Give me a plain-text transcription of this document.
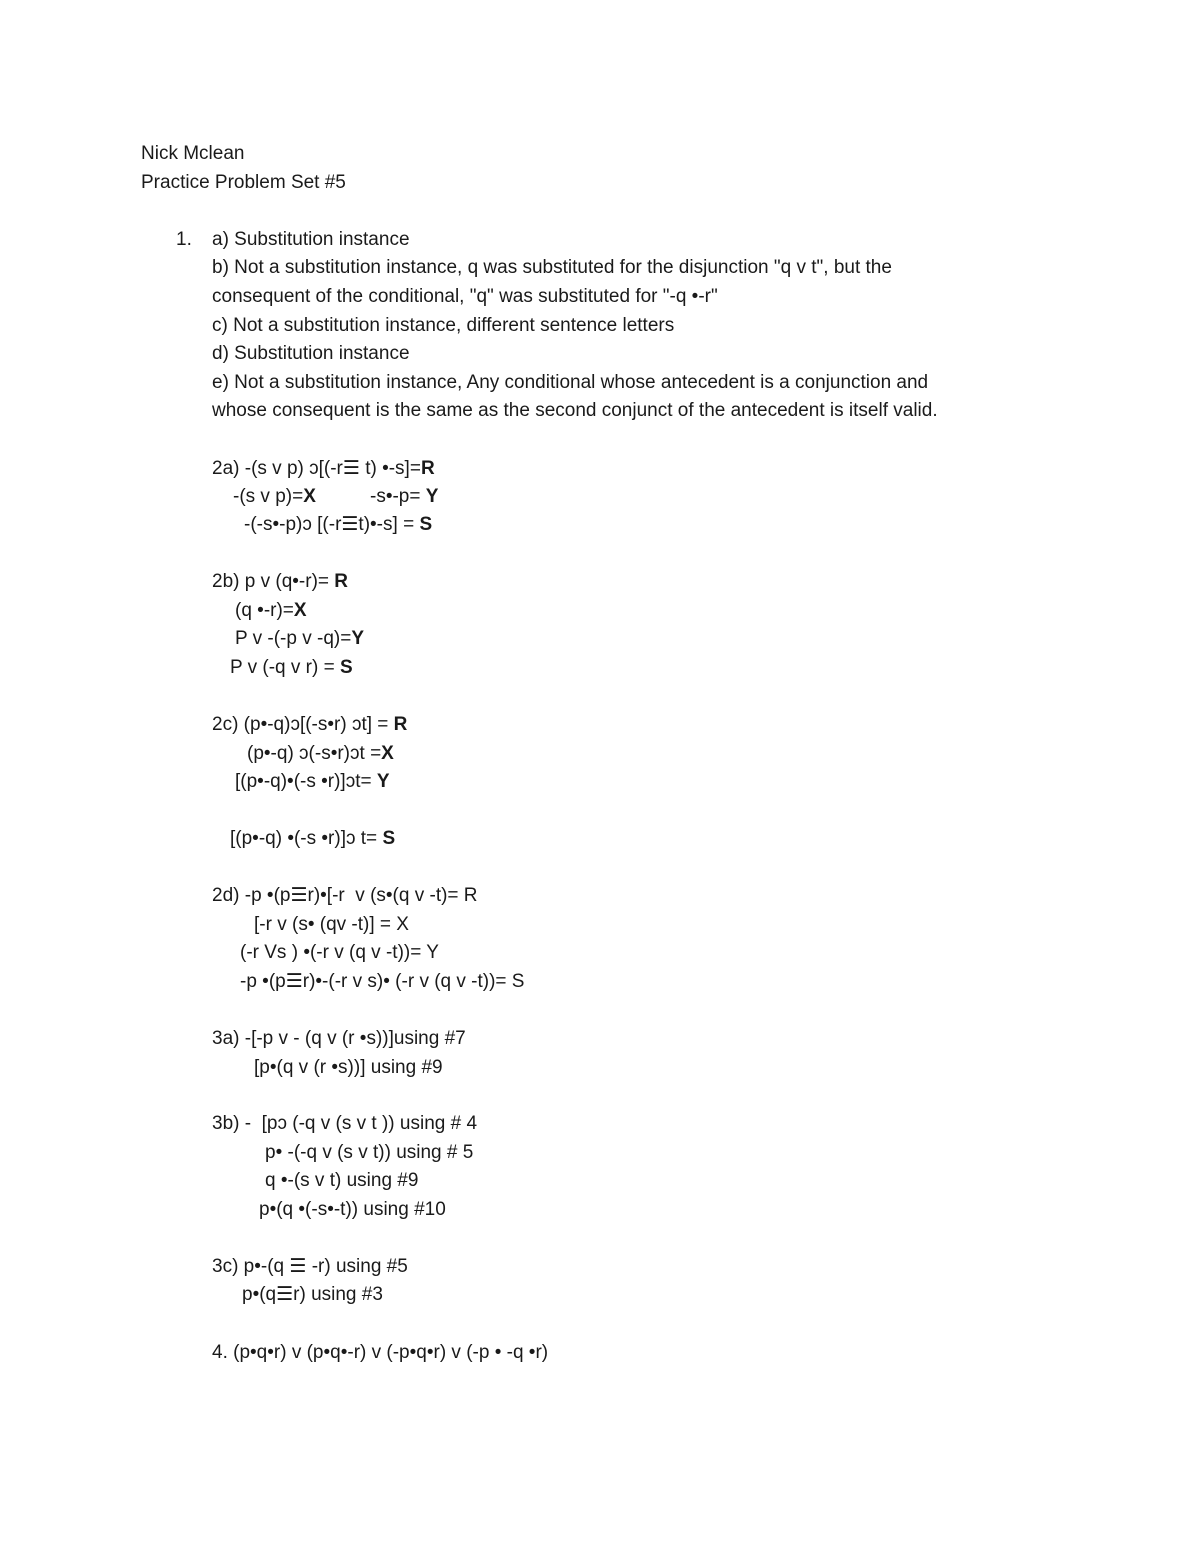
Nick Mclean
Practice Problem Set #5
1. a) Substitution instance
b) Not a substitution instance, q was substituted for the disjunction "q v t", but the
consequent of the conditional, "q" was substituted for "-q •-r"
c) Not a substitution instance, different sentence letters
d) Substitution instance
e) Not a substitution instance, Any conditional whose antecedent is a conjunction and
whose consequent is the same as the second conjunct of the antecedent is itself valid.
2a) -(s v p) ɔ[(-r☰ t) •-s]=R
-(s v p)=X	-s•-p= Y
-(-s•-p)ɔ [(-r☰t)•-s] = S
2b) p v (q•-r)= R
(q •-r)=X
P v -(-p v -q)=Y
P v (-q v r) = S
2c) (p•-q)ɔ[(-s•r) ɔt] = R
(p•-q) ɔ(-s•r)ɔt =X
[(p•-q)•(-s •r)]ɔt= Y
[(p•-q) •(-s •r)]ɔ t= S
2d) -p •(p☰r)•[-r  v (s•(q v -t)= R
[-r v (s• (qv -t)] = X
(-r Vs ) •(-r v (q v -t))= Y
-p •(p☰r)•-(-r v s)• (-r v (q v -t))= S
3a) -[-p v - (q v (r •s))]using #7
[p•(q v (r •s))] using #9
3b) -  [pɔ (-q v (s v t )) using # 4
p• -(-q v (s v t)) using # 5
q •-(s v t) using #9
p•(q •(-s•-t)) using #10
3c) p•-(q ☰ -r) using #5
p•(q☰r) using #3
4. (p•q•r) v (p•q•-r) v (-p•q•r) v (-p • -q •r)
